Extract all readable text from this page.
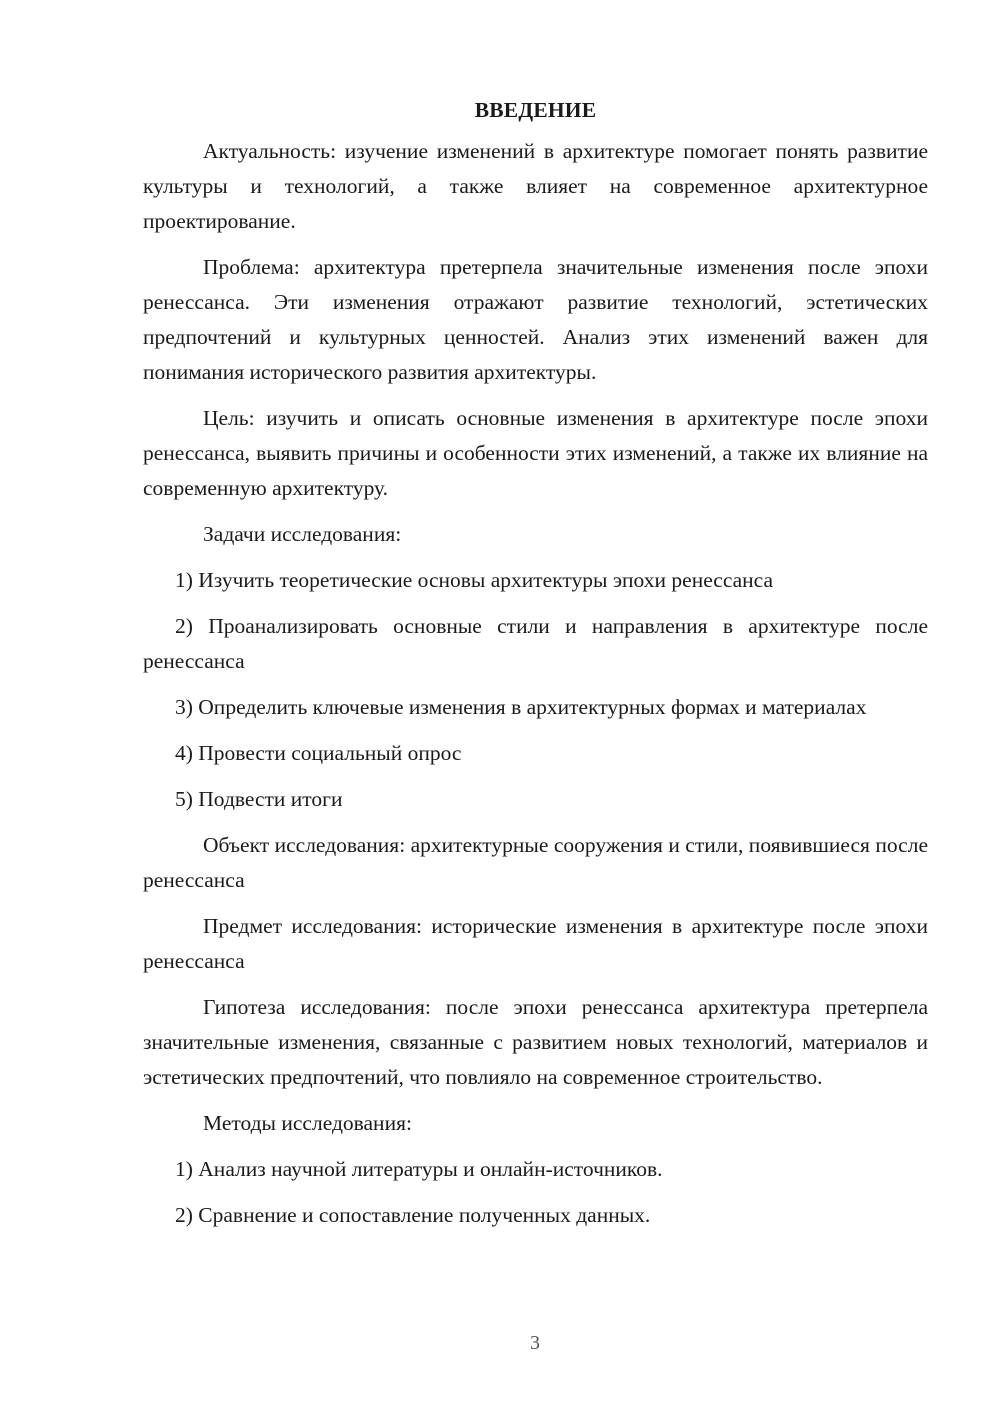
ВВЕДЕНИЕ

Актуальность: изучение изменений в архитектуре помогает понять развитие культуры и технологий, а также влияет на современное архитектурное проектирование.

Проблема: архитектура претерпела значительные изменения после эпохи ренессанса. Эти изменения отражают развитие технологий, эстетических предпочтений и культурных ценностей. Анализ этих изменений важен для понимания исторического развития архитектуры.

Цель: изучить и описать основные изменения в архитектуре после эпохи ренессанса, выявить причины и особенности этих изменений, а также их влияние на современную архитектуру.

Задачи исследования:

1) Изучить теоретические основы архитектуры эпохи ренессанса

2) Проанализировать основные стили и направления в архитектуре после ренессанса

3) Определить ключевые изменения в архитектурных формах и материалах

4) Провести социальный опрос

5) Подвести итоги

Объект исследования: архитектурные сооружения и стили, появившиеся после ренессанса

Предмет исследования: исторические изменения в архитектуре после эпохи ренессанса

Гипотеза исследования: после эпохи ренессанса архитектура претерпела значительные изменения, связанные с развитием новых технологий, материалов и эстетических предпочтений, что повлияло на современное строительство.

Методы исследования:

1) Анализ научной литературы и онлайн-источников.

2) Сравнение и сопоставление полученных данных.

3
